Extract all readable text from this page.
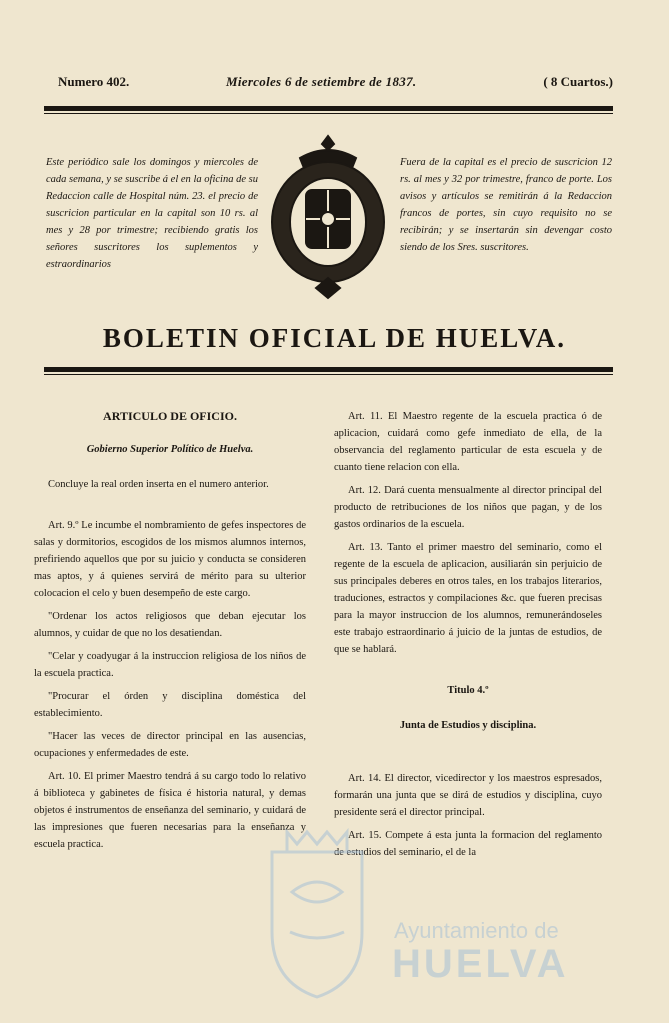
Numero 402.	Miercoles 6 de setiembre de 1837.	( 8 Cuartos.)
Este periódico sale los domingos y miercoles de cada semana, y se suscribe á el en la oficina de su Redaccion calle de Hospital núm. 23. el precio de suscricion particular en la capital son 10 rs. al mes y 28 por trimestre; recibiendo gratis los señores suscritores los suplementos y estraordinarios
Fuera de la capital es el precio de suscricion 12 rs. al mes y 32 por trimestre, franco de porte. Los avisos y artículos se remitirán á la Redaccion francos de portes, sin cuyo requisito no se recibirán; y se insertarán sin devengar costo siendo de los Sres. suscritores.
BOLETIN OFICIAL DE HUELVA.
ARTICULO DE OFICIO.
Gobierno Superior Político de Huelva.

Concluye la real orden inserta en el numero anterior.

Art. 9.º Le incumbe el nombramiento de gefes inspectores de salas y dormitorios, escogidos de los mismos alumnos internos, prefiriendo aquellos que por su juicio y conducta se consideren mas aptos, y á quienes servirá de mérito para su ulterior colocacion el celo y buen desempeño de este cargo.

"Ordenar los actos religiosos que deban ejecutar los alumnos, y cuidar de que no los desatiendan.

"Celar y coadyugar á la instruccion religiosa de los niños de la escuela practica.

"Procurar el órden y disciplina doméstica del establecimiento.

"Hacer las veces de director principal en las ausencias, ocupaciones y enfermedades de este.

Art. 10. El primer Maestro tendrá á su cargo todo lo relativo á biblioteca y gabinetes de física é historia natural, y demas objetos é instrumentos de enseñanza del seminario, y cuidará de las impresiones que fueren necesarias para la enseñanza y escuela practica.

Art. 11. El Maestro regente de la escuela practica ó de aplicacion, cuidará como gefe inmediato de ella, de la observancia del reglamento particular de esta escuela y de cuanto tiene relacion con ella.

Art. 12. Dará cuenta mensualmente al director principal del producto de retribuciones de los niños que pagan, y de los gastos ordinarios de la escuela.

Art. 13. Tanto el primer maestro del seminario, como el regente de la escuela de aplicacion, ausiliarán sin perjuicio de sus principales deberes en otros tales, en los trabajos literarios, traduciones, estractos y compilaciones &c. que fueren precisas para la mayor instruccion de los alumnos, remunerándoseles este trabajo estraordinario á juicio de la juntas de estudios, de que se hablará.

Titulo 4.º
Junta de Estudios y disciplina.

Art. 14. El director, vicedirector y los maestros espresados, formarán una junta que se dirá de estudios y disciplina, cuyo presidente será el director principal.

Art. 15. Compete á esta junta la formacion del reglamento de estudios del seminario, el de la

Ayuntamiento de
HUELVA
